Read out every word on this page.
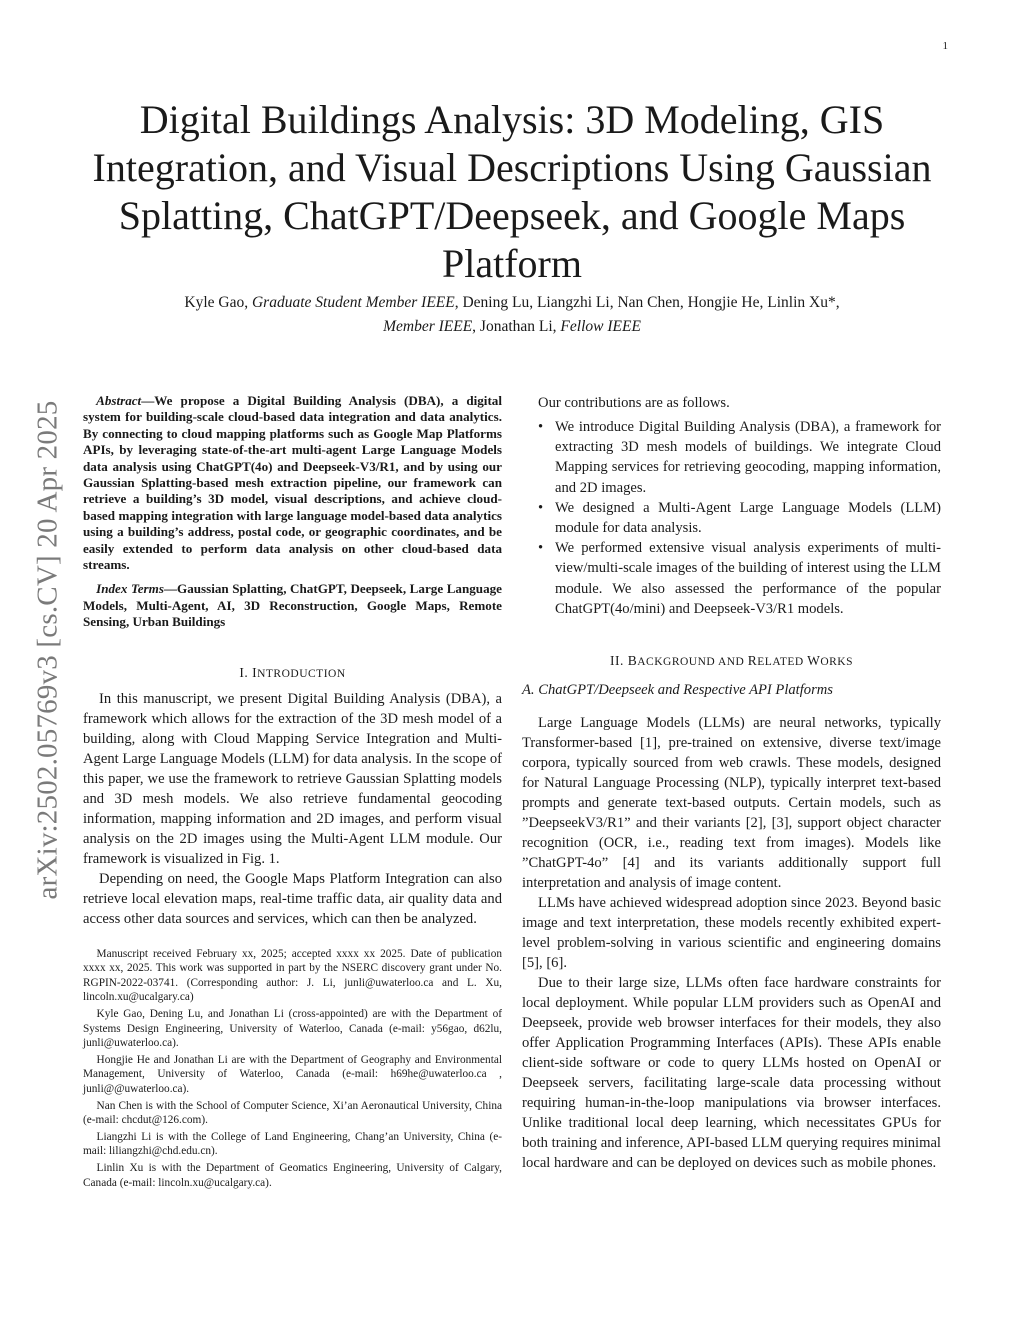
1
Digital Buildings Analysis: 3D Modeling, GIS Integration, and Visual Descriptions Using Gaussian Splatting, ChatGPT/Deepseek, and Google Maps Platform
Kyle Gao, Graduate Student Member IEEE, Dening Lu, Liangzhi Li, Nan Chen, Hongjie He, Linlin Xu*,
Member IEEE, Jonathan Li, Fellow IEEE
arXiv:2502.05769v3 [cs.CV] 20 Apr 2025

Abstract—We propose a Digital Building Analysis (DBA), a digital system for building-scale cloud-based data integration and data analytics. By connecting to cloud mapping platforms such as Google Map Platforms APIs, by leveraging state-of-the-art multi-agent Large Language Models data analysis using ChatGPT(4o) and Deepseek-V3/R1, and by using our Gaussian Splatting-based mesh extraction pipeline, our framework can retrieve a building’s 3D model, visual descriptions, and achieve cloud-based mapping integration with large language model-based data analytics using a building’s address, postal code, or geographic coordinates, and be easily extended to perform data analysis on other cloud-based data streams.

Index Terms—Gaussian Splatting, ChatGPT, Deepseek, Large Language Models, Multi-Agent, AI, 3D Reconstruction, Google Maps, Remote Sensing, Urban Buildings

I. INTRODUCTION

In this manuscript, we present Digital Building Analysis (DBA), a framework which allows for the extraction of the 3D mesh model of a building, along with Cloud Mapping Service Integration and Multi-Agent Large Language Models (LLM) for data analysis. In the scope of this paper, we use the framework to retrieve Gaussian Splatting models and 3D mesh models. We also retrieve fundamental geocoding information, mapping information and 2D images, and perform visual analysis on the 2D images using the Multi-Agent LLM module. Our framework is visualized in Fig. 1.

Depending on need, the Google Maps Platform Integration can also retrieve local elevation maps, real-time traffic data, air quality data and access other data sources and services, which can then be analyzed.

Manuscript received February xx, 2025; accepted xxxx xx 2025. Date of publication xxxx xx, 2025. This work was supported in part by the NSERC discovery grant under No. RGPIN-2022-03741. (Corresponding author: J. Li, junli@uwaterloo.ca and L. Xu, lincoln.xu@ucalgary.ca)

Kyle Gao, Dening Lu, and Jonathan Li (cross-appointed) are with the Department of Systems Design Engineering, University of Waterloo, Canada (e-mail: y56gao, d62lu, junli@uwaterloo.ca).

Hongjie He and Jonathan Li are with the Department of Geography and Environmental Management, University of Waterloo, Canada (e-mail: h69he@uwaterloo.ca , junli@@uwaterloo.ca).

Nan Chen is with the School of Computer Science, Xi’an Aeronautical University, China (e-mail: chcdut@126.com).

Liangzhi Li is with the College of Land Engineering, Chang’an University, China (e-mail: liliangzhi@chd.edu.cn).

Linlin Xu is with the Department of Geomatics Engineering, University of Calgary, Canada (e-mail: lincoln.xu@ucalgary.ca).

Our contributions are as follows.

• We introduce Digital Building Analysis (DBA), a framework for extracting 3D mesh models of buildings. We integrate Cloud Mapping services for retrieving geocoding, mapping information, and 2D images.
• We designed a Multi-Agent Large Language Models (LLM) module for data analysis.
• We performed extensive visual analysis experiments of multi-view/multi-scale images of the building of interest using the LLM module. We also assessed the performance of the popular ChatGPT(4o/mini) and Deepseek-V3/R1 models.
II. BACKGROUND AND RELATED WORKS
A. ChatGPT/Deepseek and Respective API Platforms

Large Language Models (LLMs) are neural networks, typically Transformer-based [1], pre-trained on extensive, diverse text/image corpora, typically sourced from web crawls. These models, designed for Natural Language Processing (NLP), typically interpret text-based prompts and generate text-based outputs. Certain models, such as ”DeepseekV3/R1” and their variants [2], [3], support object character recognition (OCR, i.e., reading text from images). Models like ”ChatGPT-4o” [4] and its variants additionally support full interpretation and analysis of image content.

LLMs have achieved widespread adoption since 2023. Beyond basic image and text interpretation, these models recently exhibited expert-level problem-solving in various scientific and engineering domains [5], [6].

Due to their large size, LLMs often face hardware constraints for local deployment. While popular LLM providers such as OpenAI and Deepseek, provide web browser interfaces for their models, they also offer Application Programming Interfaces (APIs). These APIs enable client-side software or code to query LLMs hosted on OpenAI or Deepseek servers, facilitating large-scale data processing without requiring human-in-the-loop manipulations via browser interfaces. Unlike traditional local deep learning, which necessitates GPUs for both training and inference, API-based LLM querying requires minimal local hardware and can be deployed on devices such as mobile phones.
